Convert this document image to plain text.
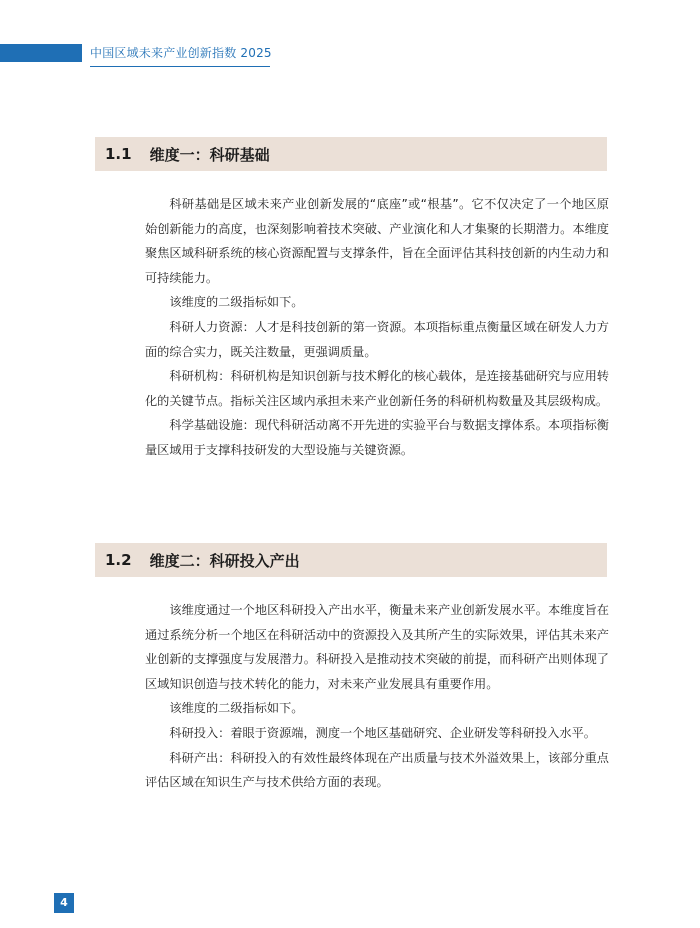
中国区域未来产业创新指数 2025
1.1 维度一：科研基础

科研基础是区域未来产业创新发展的“底座”或“根基”。它不仅决定了一个地区原始创新能力的高度，也深刻影响着技术突破、产业演化和人才集聚的长期潜力。本维度聚焦区域科研系统的核心资源配置与支撑条件，旨在全面评估其科技创新的内生动力和可持续能力。

该维度的二级指标如下。

科研人力资源：人才是科技创新的第一资源。本项指标重点衡量区域在研发人力方面的综合实力，既关注数量，更强调质量。

科研机构：科研机构是知识创新与技术孵化的核心载体，是连接基础研究与应用转化的关键节点。指标关注区域内承担未来产业创新任务的科研机构数量及其层级构成。

科学基础设施：现代科研活动离不开先进的实验平台与数据支撑体系。本项指标衡量区域用于支撑科技研发的大型设施与关键资源。

1.2 维度二：科研投入产出

该维度通过一个地区科研投入产出水平，衡量未来产业创新发展水平。本维度旨在通过系统分析一个地区在科研活动中的资源投入及其所产生的实际效果，评估其未来产业创新的支撑强度与发展潜力。科研投入是推动技术突破的前提，而科研产出则体现了区域知识创造与技术转化的能力，对未来产业发展具有重要作用。

该维度的二级指标如下。

科研投入：着眼于资源端，测度一个地区基础研究、企业研发等科研投入水平。

科研产出：科研投入的有效性最终体现在产出质量与技术外溢效果上，该部分重点评估区域在知识生产与技术供给方面的表现。

4
